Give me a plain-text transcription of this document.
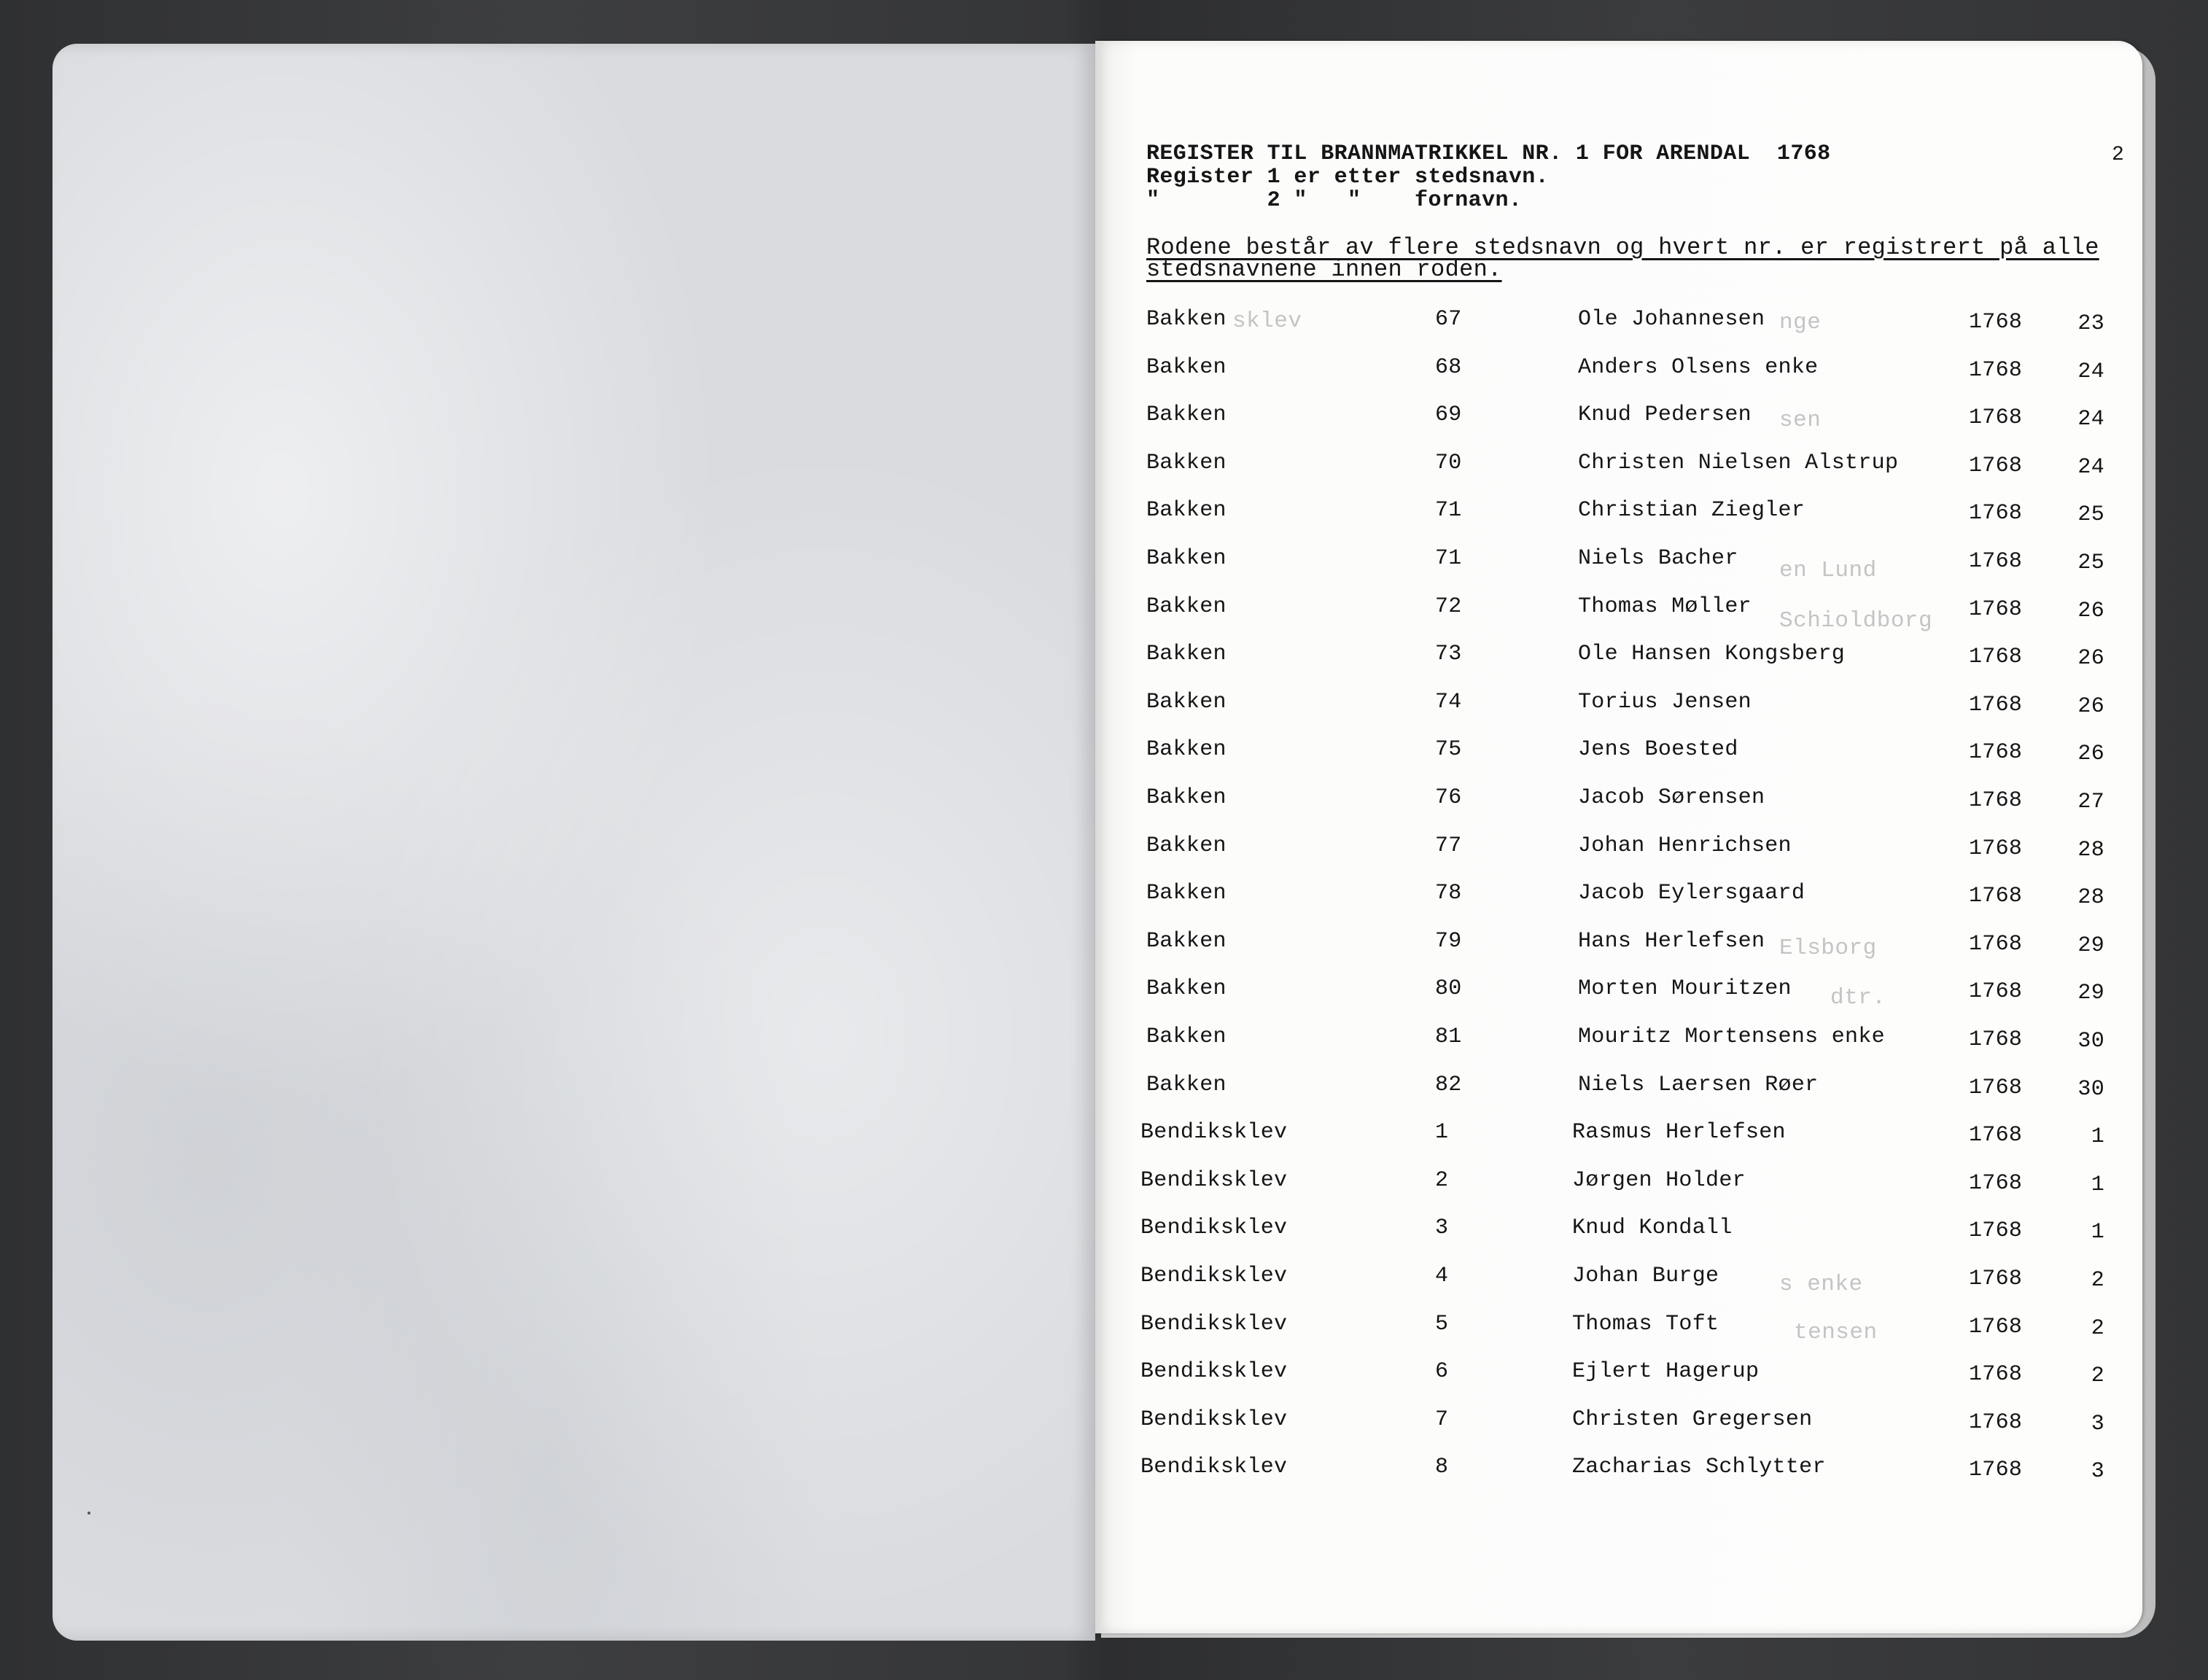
sklev	nge
sen
en Lund
Schioldborg
Elsborg
dtr.
s enke
tensen
REGISTER TIL BRANNMATRIKKEL NR. 1 FOR ARENDAL  1768
Register 1 er etter stedsnavn.
"        2 "   "    fornavn.
2
Rodene består av flere stedsnavn og hvert nr. er registrert på alle
stedsnavnene innen roden.
Bakken	67	Ole Johannesen	1768	23
Bakken	68	Anders Olsens enke	1768	24
Bakken	69	Knud Pedersen	1768	24
Bakken	70	Christen Nielsen Alstrup	1768	24
Bakken	71	Christian Ziegler	1768	25
Bakken	71	Niels Bacher	1768	25
Bakken	72	Thomas Møller	1768	26
Bakken	73	Ole Hansen Kongsberg	1768	26
Bakken	74	Torius Jensen	1768	26
Bakken	75	Jens Boested	1768	26
Bakken	76	Jacob Sørensen	1768	27
Bakken	77	Johan Henrichsen	1768	28
Bakken	78	Jacob Eylersgaard	1768	28
Bakken	79	Hans Herlefsen	1768	29
Bakken	80	Morten Mouritzen	1768	29
Bakken	81	Mouritz Mortensens enke	1768	30
Bakken	82	Niels Laersen Røer	1768	30
Bendiksklev	1	Rasmus Herlefsen	1768	1
Bendiksklev	2	Jørgen Holder	1768	1
Bendiksklev	3	Knud Kondall	1768	1
Bendiksklev	4	Johan Burge	1768	2
Bendiksklev	5	Thomas Toft	1768	2
Bendiksklev	6	Ejlert Hagerup	1768	2
Bendiksklev	7	Christen Gregersen	1768	3
Bendiksklev	8	Zacharias Schlytter	1768	3
